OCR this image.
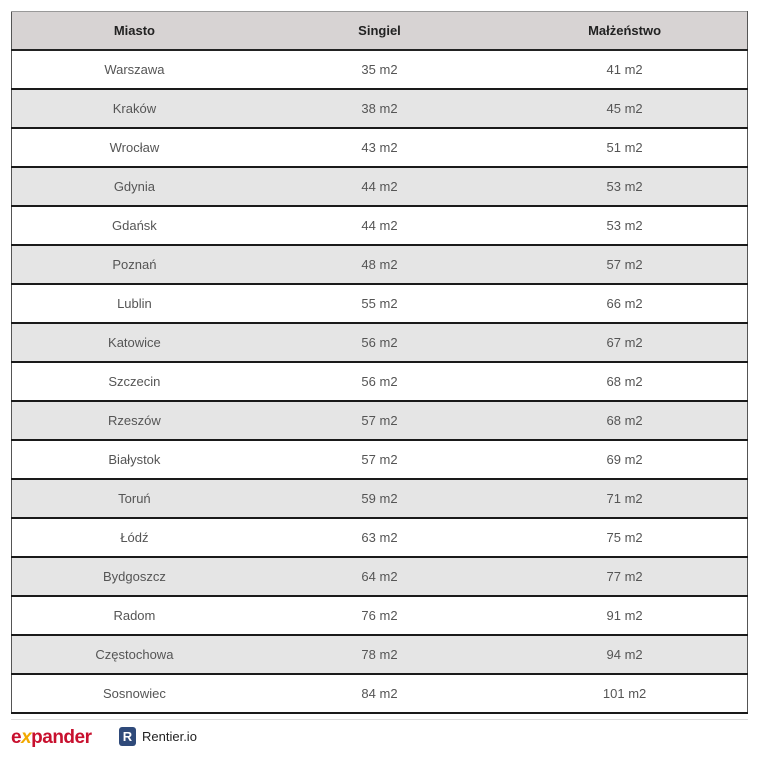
Miasto	Singiel	Małżeństwo
Warszawa	35 m2	41 m2
Kraków	38 m2	45 m2
Wrocław	43 m2	51 m2
Gdynia	44 m2	53 m2
Gdańsk	44 m2	53 m2
Poznań	48 m2	57 m2
Lublin	55 m2	66 m2
Katowice	56 m2	67 m2
Szczecin	56 m2	68 m2
Rzeszów	57 m2	68 m2
Białystok	57 m2	69 m2
Toruń	59 m2	71 m2
Łódź	63 m2	75 m2
Bydgoszcz	64 m2	77 m2
Radom	76 m2	91 m2
Częstochowa	78 m2	94 m2
Sosnowiec	84 m2	101 m2
expander R Rentier.io
